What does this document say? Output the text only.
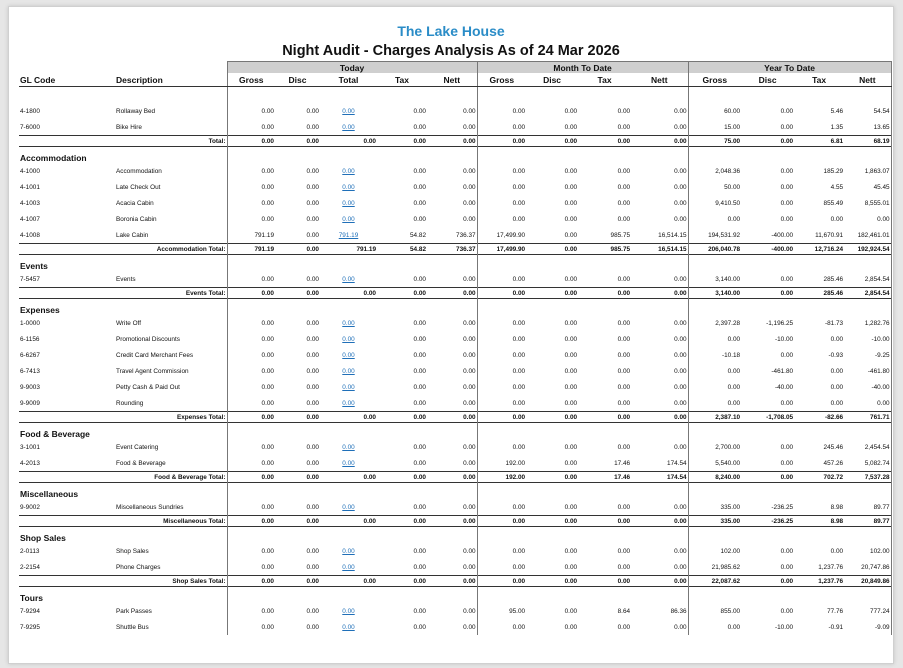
The Lake House
Night Audit - Charges Analysis As of 24 Mar 2026
		Today					Month To Date				Year To Date			
GL Code	Description	Gross	Disc	Total	Tax	Nett	Gross	Disc	Tax	Nett	Gross	Disc	Tax	Nett

4-1800	Rollaway Bed	0.00	0.00	0.00	0.00	0.00	0.00	0.00	0.00	0.00	60.00	0.00	5.46	54.54
7-6000	Bike Hire	0.00	0.00	0.00	0.00	0.00	0.00	0.00	0.00	0.00	15.00	0.00	1.35	13.65
Total:		0.00	0.00	0.00	0.00	0.00	0.00	0.00	0.00	0.00	75.00	0.00	6.81	68.19
Accommodation														
4-1000	Accommodation	0.00	0.00	0.00	0.00	0.00	0.00	0.00	0.00	0.00	2,048.36	0.00	185.29	1,863.07
4-1001	Late Check Out	0.00	0.00	0.00	0.00	0.00	0.00	0.00	0.00	0.00	50.00	0.00	4.55	45.45
4-1003	Acacia Cabin	0.00	0.00	0.00	0.00	0.00	0.00	0.00	0.00	0.00	9,410.50	0.00	855.49	8,555.01
4-1007	Boronia Cabin	0.00	0.00	0.00	0.00	0.00	0.00	0.00	0.00	0.00	0.00	0.00	0.00	0.00
4-1008	Lake Cabin	791.19	0.00	791.19	54.82	736.37	17,499.90	0.00	985.75	16,514.15	194,531.92	-400.00	11,670.91	182,461.01
Accommodation Total:		791.19	0.00	791.19	54.82	736.37	17,499.90	0.00	985.75	16,514.15	206,040.78	-400.00	12,716.24	192,924.54
Events														
7-5457	Events	0.00	0.00	0.00	0.00	0.00	0.00	0.00	0.00	0.00	3,140.00	0.00	285.46	2,854.54
Events Total:		0.00	0.00	0.00	0.00	0.00	0.00	0.00	0.00	0.00	3,140.00	0.00	285.46	2,854.54
Expenses														
1-0000	Write Off	0.00	0.00	0.00	0.00	0.00	0.00	0.00	0.00	0.00	2,397.28	-1,196.25	-81.73	1,282.76
6-1156	Promotional Discounts	0.00	0.00	0.00	0.00	0.00	0.00	0.00	0.00	0.00	0.00	-10.00	0.00	-10.00
6-6267	Credit Card Merchant Fees	0.00	0.00	0.00	0.00	0.00	0.00	0.00	0.00	0.00	-10.18	0.00	-0.93	-9.25
6-7413	Travel Agent Commission	0.00	0.00	0.00	0.00	0.00	0.00	0.00	0.00	0.00	0.00	-461.80	0.00	-461.80
9-9003	Petty Cash & Paid Out	0.00	0.00	0.00	0.00	0.00	0.00	0.00	0.00	0.00	0.00	-40.00	0.00	-40.00
9-9009	Rounding	0.00	0.00	0.00	0.00	0.00	0.00	0.00	0.00	0.00	0.00	0.00	0.00	0.00
Expenses Total:		0.00	0.00	0.00	0.00	0.00	0.00	0.00	0.00	0.00	2,387.10	-1,708.05	-82.66	761.71
Food & Beverage														
3-1001	Event Catering	0.00	0.00	0.00	0.00	0.00	0.00	0.00	0.00	0.00	2,700.00	0.00	245.46	2,454.54
4-2013	Food & Beverage	0.00	0.00	0.00	0.00	0.00	192.00	0.00	17.46	174.54	5,540.00	0.00	457.26	5,082.74
Food & Beverage Total:		0.00	0.00	0.00	0.00	0.00	192.00	0.00	17.46	174.54	8,240.00	0.00	702.72	7,537.28
Miscellaneous														
9-9002	Miscellaneous Sundries	0.00	0.00	0.00	0.00	0.00	0.00	0.00	0.00	0.00	335.00	-236.25	8.98	89.77
Miscellaneous Total:		0.00	0.00	0.00	0.00	0.00	0.00	0.00	0.00	0.00	335.00	-236.25	8.98	89.77
Shop Sales														
2-0113	Shop Sales	0.00	0.00	0.00	0.00	0.00	0.00	0.00	0.00	0.00	102.00	0.00	0.00	102.00
2-2154	Phone Charges	0.00	0.00	0.00	0.00	0.00	0.00	0.00	0.00	0.00	21,985.62	0.00	1,237.76	20,747.86
Shop Sales Total:		0.00	0.00	0.00	0.00	0.00	0.00	0.00	0.00	0.00	22,087.62	0.00	1,237.76	20,849.86
Tours														
7-9294	Park Passes	0.00	0.00	0.00	0.00	0.00	95.00	0.00	8.64	86.36	855.00	0.00	77.76	777.24
7-9295	Shuttle Bus	0.00	0.00	0.00	0.00	0.00	0.00	0.00	0.00	0.00	0.00	-10.00	-0.91	-9.09
